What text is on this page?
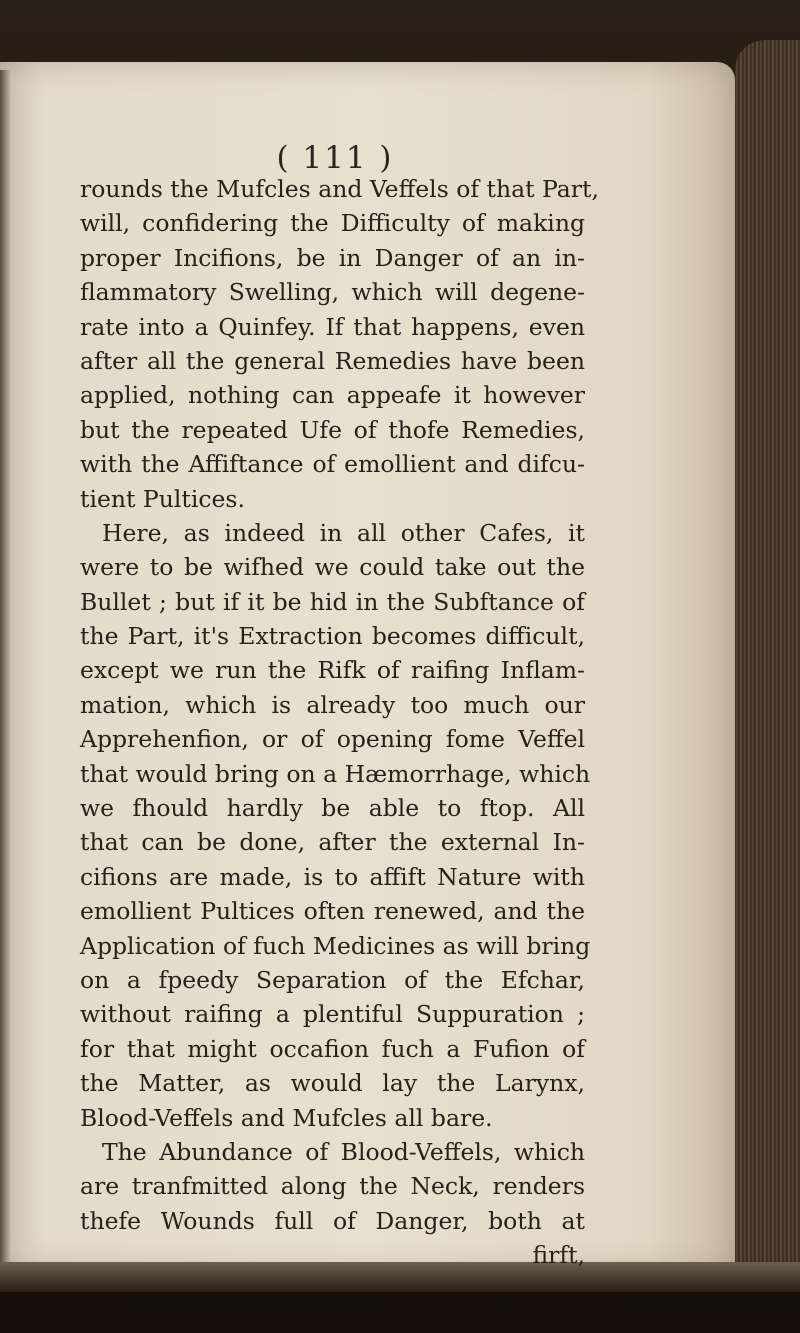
( 111 )
rounds the Mufcles and Veffels of that Part,
will, confidering the Difficulty of making
proper Incifions, be in Danger of an in-
flammatory Swelling, which will degene-
rate into a Quinfey. If that happens, even
after all the general Remedies have been
applied, nothing can appeafe it however
but the repeated Ufe of thofe Remedies,
with the Affiftance of emollient and difcu-
tient Pultices.
Here, as indeed in all other Cafes, it
were to be wifhed we could take out the
Bullet ; but if it be hid in the Subftance of
the Part, it's Extraction becomes difficult,
except we run the Rifk of raifing Inflam-
mation, which is already too much our
Apprehenfion, or of opening fome Veffel
that would bring on a Hæmorrhage, which
we fhould hardly be able to ftop. All
that can be done, after the external In-
cifions are made, is to affift Nature with
emollient Pultices often renewed, and the
Application of fuch Medicines as will bring
on a fpeedy Separation of the Efchar,
without raifing a plentiful Suppuration ;
for that might occafion fuch a Fufion of
the Matter, as would lay the Larynx,
Blood-Veffels and Mufcles all bare.
The Abundance of Blood-Veffels, which
are tranfmitted along the Neck, renders
thefe Wounds full of Danger, both at
firft,
